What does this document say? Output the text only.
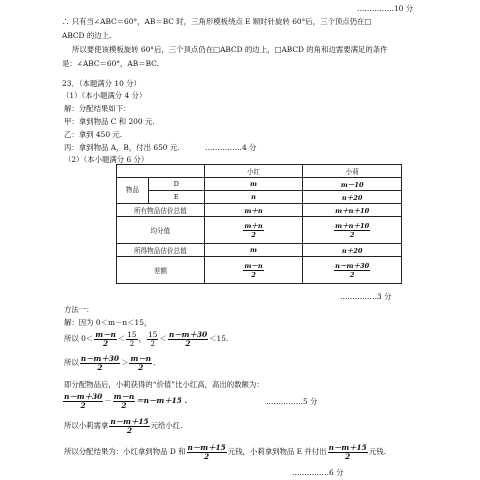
……………10 分
∴ 只有当∠ABC＝60°，AB＝BC 时，三角形模板绕点 E 顺时针旋转 60°后，三个顶点仍在□
ABCD 的边上.
所以要使该模板旋转 60°后，三个顶点仍在□ABCD 的边上，□ABCD 的角和边需要满足的条件
是：∠ABC＝60°，AB＝BC.
23．（本题满分 10 分）
（1）（本小题满分 4 分）
解：分配结果如下：
甲：拿到物品 C 和 200 元.
乙：拿到 450 元.
丙：拿到物品 A，B，付出 650 元.	……………4 分
（2）（本小题满分 6 分）
		小红	小莉
物品	D	m	m－10
	E	n	n＋20
所有物品估价总值		m＋n	m＋n＋10
均分值		$\frac{m+n}{2}$	$\frac{m+n+10}{2}$

所得物品估价总值		m	n＋20
差额		$\frac{m-n}{2}$	$\frac{n-m+30}{2}$
……………3 分
方法一：
解：因为 0＜m－n＜15，
所以 $0< \frac{m-n}{2} < \frac{15}{2}$ ， $\frac{15}{2} < \frac{n-m+30}{2} <15$.
所以 $\frac{n-m+30}{2} > \frac{m-n}{2}$ .
即分配物品后，小莉获得的“价值”比小红高，高出的数额为：
$\frac{n-m+30}{2} - \frac{m-n}{2} =n-m+15$ .	……………5 分
所以小莉需拿 $\frac{n-m+15}{2}$ 元给小红.
所以分配结果为：小红拿到物品 D 和 $\frac{n-m+15}{2}$ 元钱，小莉拿到物品 E 并付出 $\frac{n-m+15}{2}$ 元钱.
……………6 分
